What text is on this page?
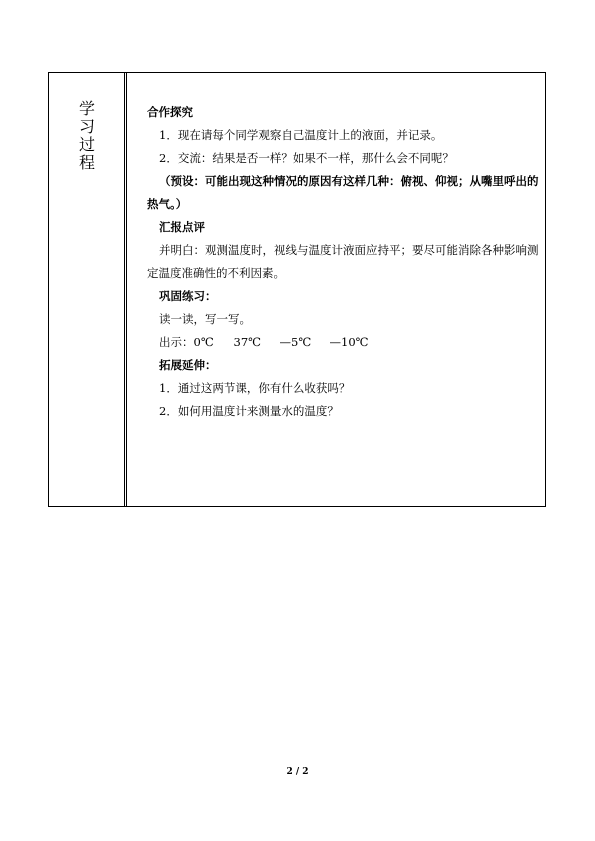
学习过程
合作探究
1．现在请每个同学观察自己温度计上的液面，并记录。
2．交流：结果是否一样？如果不一样，那什么会不同呢？
（预设：可能出现这种情况的原因有这样几种：俯视、仰视；从嘴里呼出的热气。）
汇报点评
并明白：观测温度时，视线与温度计液面应持平；要尽可能消除各种影响测定温度准确性的不利因素。
巩固练习：
读一读，写一写。
出示：0℃ 37℃ —5℃ —10℃
拓展延伸：
1．通过这两节课，你有什么收获吗？
2．如何用温度计来测量水的温度？
2 / 2
